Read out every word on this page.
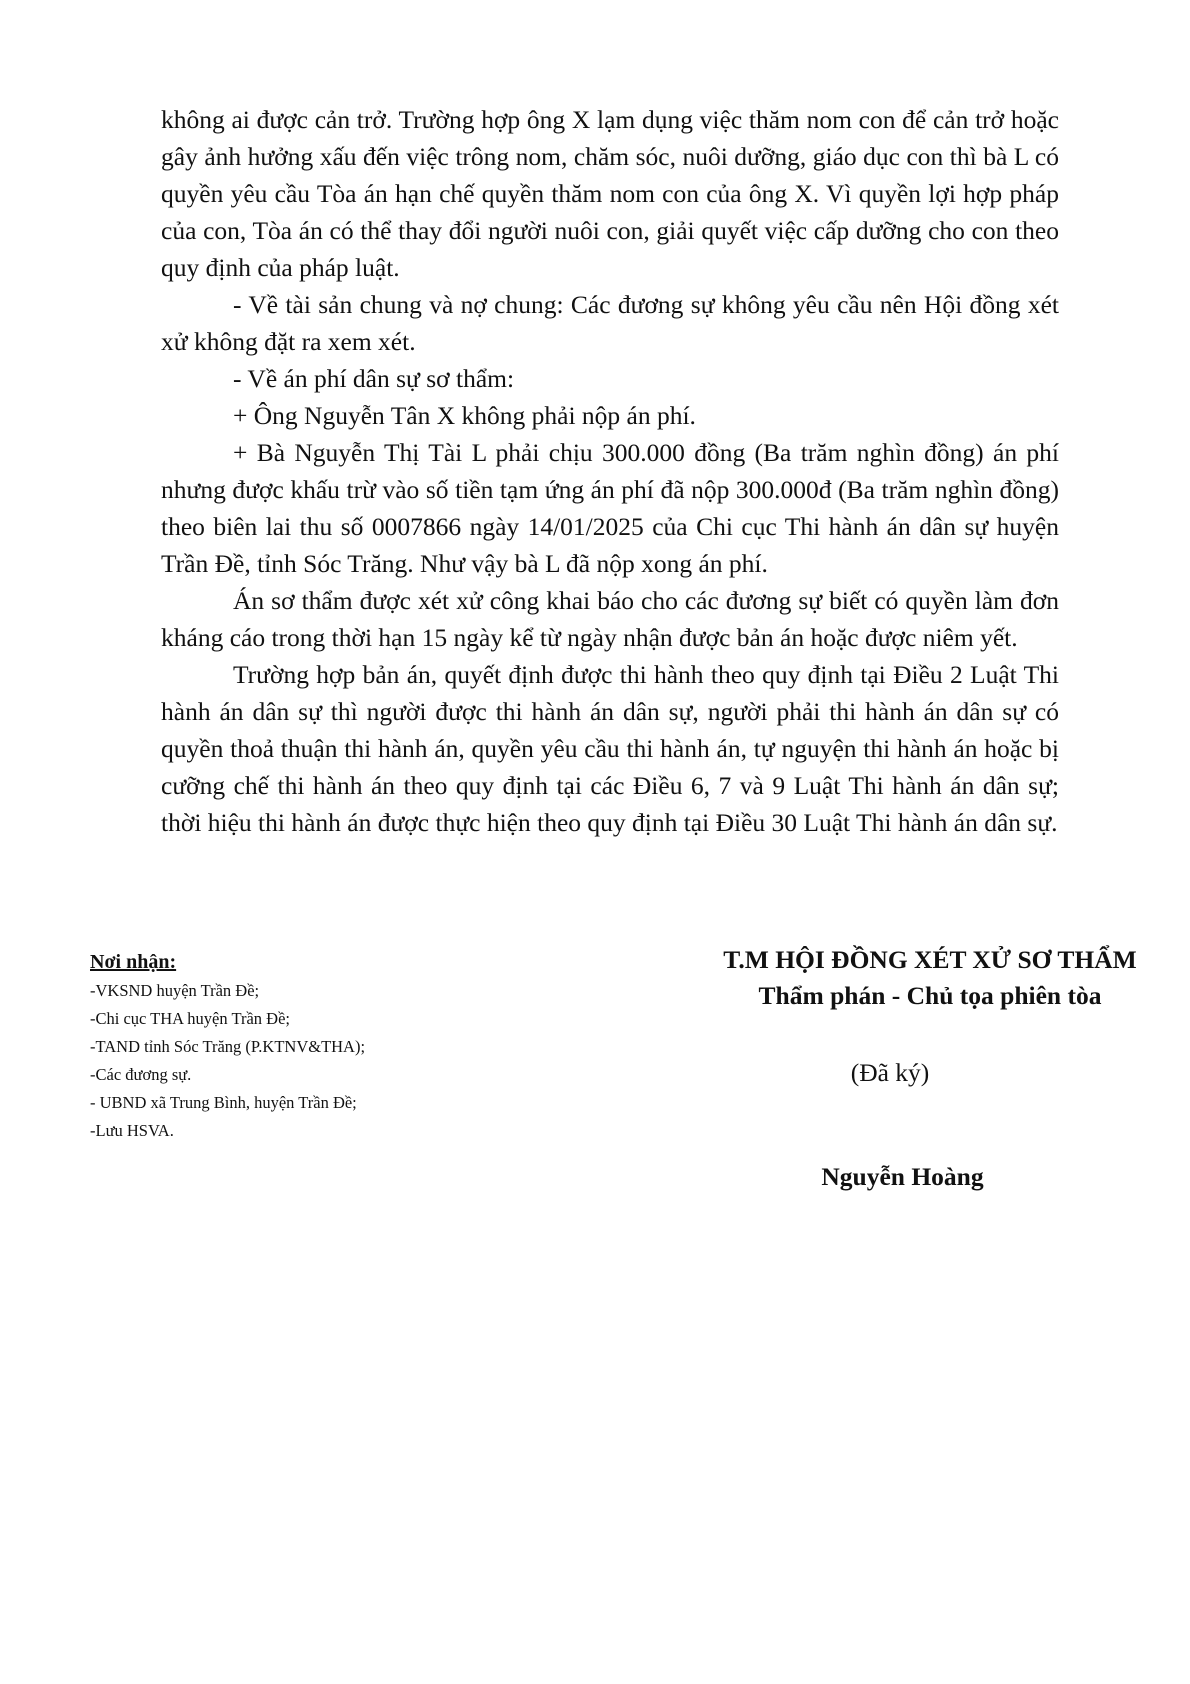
không ai được cản trở. Trường hợp ông X lạm dụng việc thăm nom con để cản trở hoặc gây ảnh hưởng xấu đến việc trông nom, chăm sóc, nuôi dưỡng, giáo dục con thì bà L có quyền yêu cầu Tòa án hạn chế quyền thăm nom con của ông X. Vì quyền lợi hợp pháp của con, Tòa án có thể thay đổi người nuôi con, giải quyết việc cấp dưỡng cho con theo quy định của pháp luật.

- Về tài sản chung và nợ chung: Các đương sự không yêu cầu nên Hội đồng xét xử không đặt ra xem xét.

- Về án phí dân sự sơ thẩm:

+ Ông Nguyễn Tân X không phải nộp án phí.

+ Bà Nguyễn Thị Tài L phải chịu 300.000 đồng (Ba trăm nghìn đồng) án phí nhưng được khấu trừ vào số tiền tạm ứng án phí đã nộp 300.000đ (Ba trăm nghìn đồng) theo biên lai thu số 0007866 ngày 14/01/2025 của Chi cục Thi hành án dân sự huyện Trần Đề, tỉnh Sóc Trăng. Như vậy bà L đã nộp xong án phí.

Án sơ thẩm được xét xử công khai báo cho các đương sự biết có quyền làm đơn kháng cáo trong thời hạn 15 ngày kể từ ngày nhận được bản án hoặc được niêm yết.

Trường hợp bản án, quyết định được thi hành theo quy định tại Điều 2 Luật Thi hành án dân sự thì người được thi hành án dân sự, người phải thi hành án dân sự có quyền thoả thuận thi hành án, quyền yêu cầu thi hành án, tự nguyện thi hành án hoặc bị cưỡng chế thi hành án theo quy định tại các Điều 6, 7 và 9 Luật Thi hành án dân sự; thời hiệu thi hành án được thực hiện theo quy định tại Điều 30 Luật Thi hành án dân sự.

Nơi nhận:
-VKSND huyện Trần Đề;
-Chi cục THA huyện Trần Đề;
-TAND tỉnh Sóc Trăng (P.KTNV&THA);
-Các đương sự.
- UBND xã Trung Bình, huyện Trần Đề;
-Lưu HSVA.
T.M HỘI ĐỒNG XÉT XỬ SƠ THẨM
Thẩm phán - Chủ tọa phiên tòa
(Đã ký)
Nguyễn Hoàng
